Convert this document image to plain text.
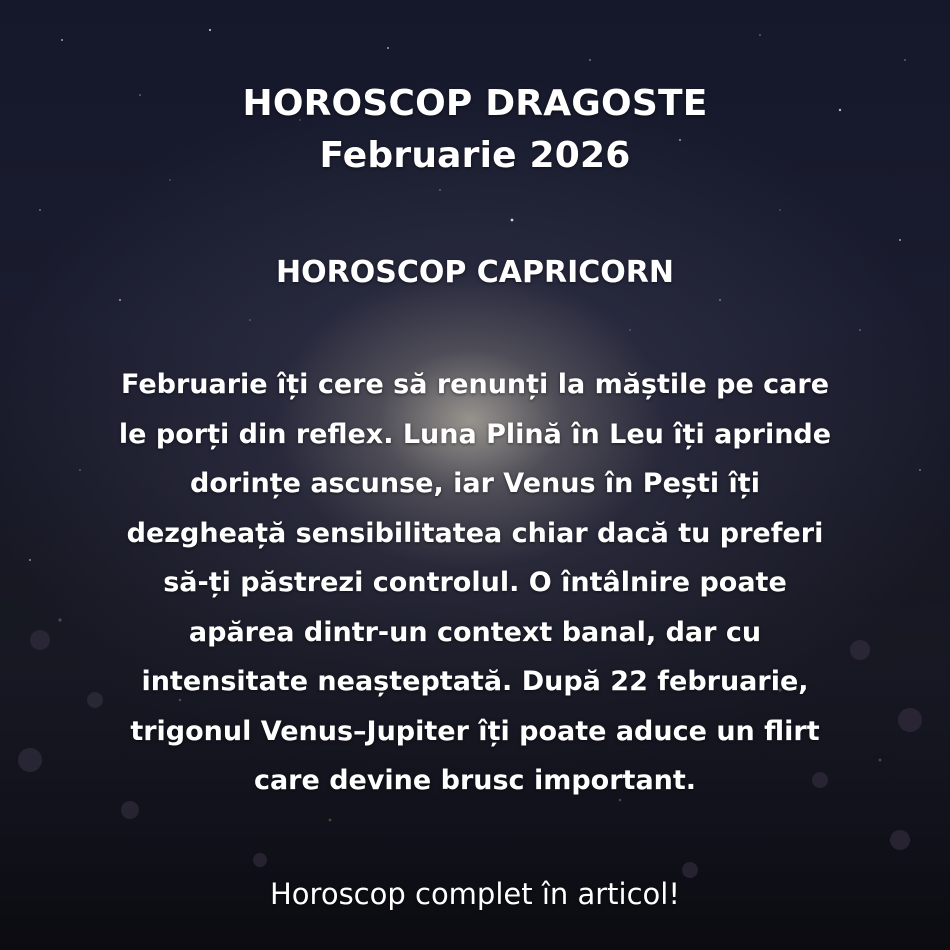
HOROSCOP DRAGOSTE
Februarie 2026
HOROSCOP CAPRICORN

Februarie îți cere să renunți la măștile pe care
le porți din reflex. Luna Plină în Leu îți aprinde
dorințe ascunse, iar Venus în Pești îți
dezgheață sensibilitatea chiar dacă tu preferi
să-ți păstrezi controlul. O întâlnire poate
apărea dintr-un context banal, dar cu
intensitate neașteptată. După 22 februarie,
trigonul Venus–Jupiter îți poate aduce un flirt
care devine brusc important.

Horoscop complet în articol!
